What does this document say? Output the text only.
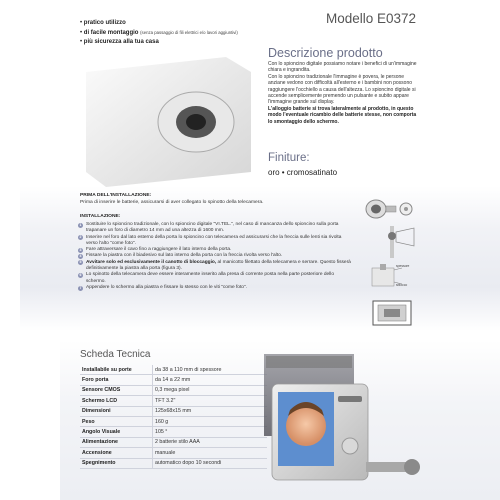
• pratico utilizzo
• di facile montaggio (senza passaggio di fili elettrici e/o lavori aggiuntivi)
• più sicurezza alla tua casa
Modello E0372
Descrizione prodotto
Con lo spioncino digitale possiamo notare i benefici di un'immagine chiara e ingrandita.
Con lo spioncino tradizionale l'immagine è povera, le persone anziane vedono con difficoltà all'esterno e i bambini non possono raggiungere l'occhiello a causa dell'altezza. Lo spioncino digitale si accende semplicemente premendo un pulsante e subito appare l'immagine grande sul display.
L'alloggio batterie si trova lateralmente al prodotto, in questo modo l'eventuale ricambio delle batterie stesse, non comporta lo smontaggio dello schermo.
Finiture:
oro • cromosatinato
PRIMA DELL'INSTALLAZIONE:
Prima di inserire le batterie, assicurarsi di aver collegato lo spinotto della telecamera.
INSTALLAZIONE:
1 Sostituire lo spioncino tradizionale, con lo spioncino digitale "VI.TEL.", nel caso di mancanza dello spioncino sulla porta trapanare un foro di diametro 14 mm ad una altezza di 1600 mm.
2 Inserire nel foro dal lato esterno della porta lo spioncino con telecamera ed assicurarsi che la freccia sulle lenti sia rivolta verso l'alto "come foto".
3 Fare attraversare il cavo fino a raggiungere il lato interno della porta.
4 Fissare la piastra con il biadesivo sul lato interno della porta con la freccia rivolta verso l'alto.
5 Avvitare solo ed esclusivamente il canotto di bloccaggio, al manicotto filettato della telecamera e serrare. Questo fisserà definitivamente la piastra alla porta (figura 3).
6 Lo spinotto della telecamera deve essere interamente inserito alla presa di corrente posta nella parte posteriore dello schermo.
7 Appendere lo schermo alla piastra e fissare lo stesso con le viti "come foto".
spessore
sblocco
Scheda Tecnica
Installabile su porte	da 38 a 110 mm di spessore
Foro porta	da 14 a 22 mm
Sensore CMOS	0,3 mega pixel
Schermo LCD	TFT 3.2"
Dimensioni	125x68x15 mm
Peso	160 g
Angolo Visuale	105 °
Alimentazione	2 batterie stilo AAA
Accensione	manuale
Spegnimento	automatico dopo 10 secondi
